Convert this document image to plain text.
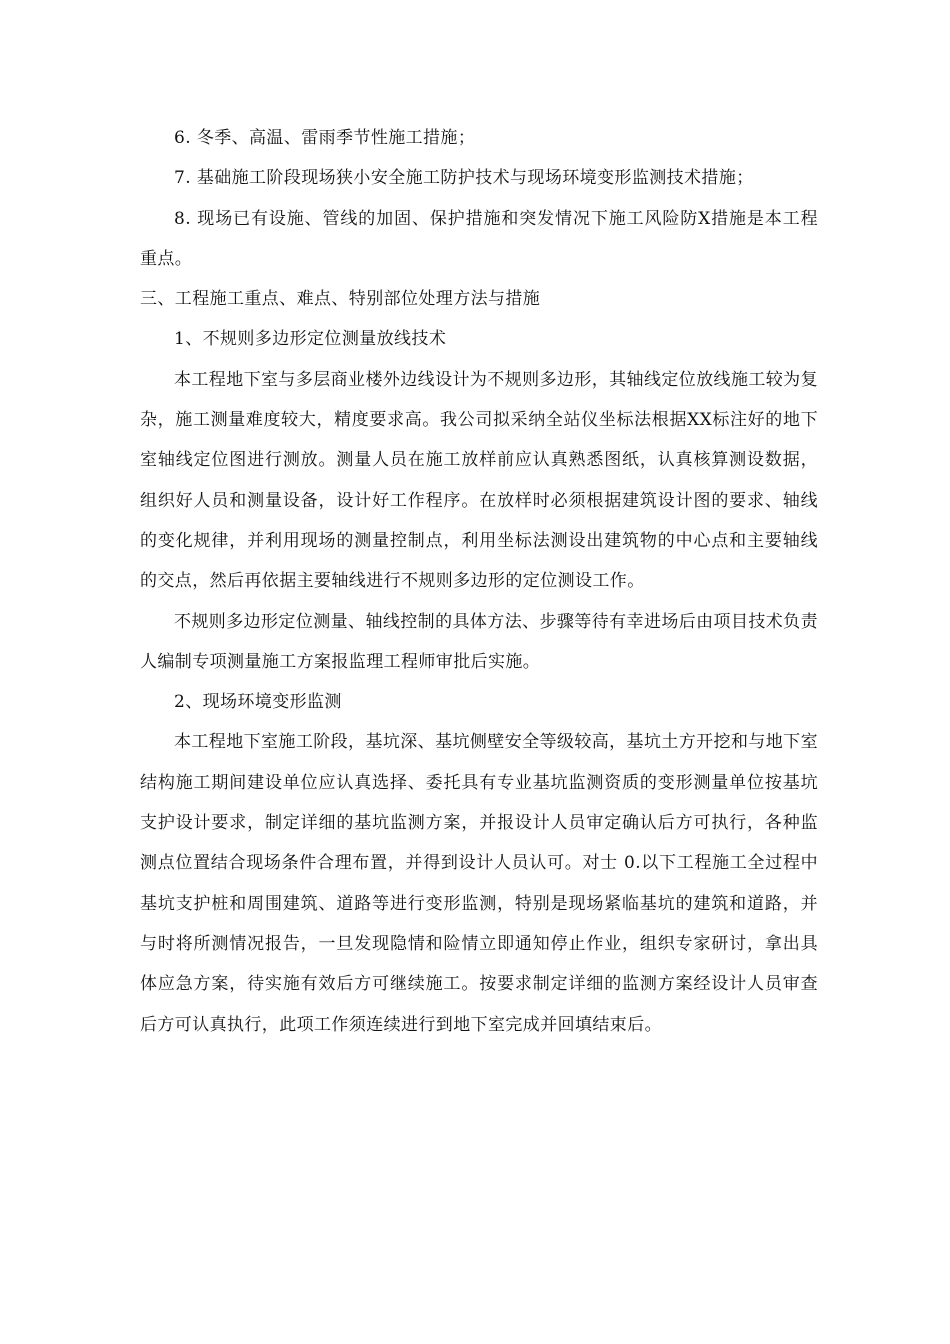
6. 冬季、高温、雷雨季节性施工措施；

7. 基础施工阶段现场狭小安全施工防护技术与现场环境变形监测技术措施；

8. 现场已有设施、管线的加固、保护措施和突发情况下施工风险防X措施是本工程重点。

三、工程施工重点、难点、特别部位处理方法与措施

1、不规则多边形定位测量放线技术

本工程地下室与多层商业楼外边线设计为不规则多边形，其轴线定位放线施工较为复杂，施工测量难度较大，精度要求高。我公司拟采纳全站仪坐标法根据XX标注好的地下室轴线定位图进行测放。测量人员在施工放样前应认真熟悉图纸，认真核算测设数据，组织好人员和测量设备，设计好工作程序。在放样时必须根据建筑设计图的要求、轴线的变化规律，并利用现场的测量控制点，利用坐标法测设出建筑物的中心点和主要轴线的交点，然后再依据主要轴线进行不规则多边形的定位测设工作。

不规则多边形定位测量、轴线控制的具体方法、步骤等待有幸进场后由项目技术负责人编制专项测量施工方案报监理工程师审批后实施。

2、现场环境变形监测

本工程地下室施工阶段，基坑深、基坑侧壁安全等级较高，基坑土方开挖和与地下室结构施工期间建设单位应认真选择、委托具有专业基坑监测资质的变形测量单位按基坑支护设计要求，制定详细的基坑监测方案，并报设计人员审定确认后方可执行，各种监测点位置结合现场条件合理布置，并得到设计人员认可。对士 0.以下工程施工全过程中基坑支护桩和周围建筑、道路等进行变形监测，特别是现场紧临基坑的建筑和道路，并与时将所测情况报告，一旦发现隐情和险情立即通知停止作业，组织专家研讨，拿出具体应急方案，待实施有效后方可继续施工。按要求制定详细的监测方案经设计人员审查后方可认真执行，此项工作须连续进行到地下室完成并回填结束后。
